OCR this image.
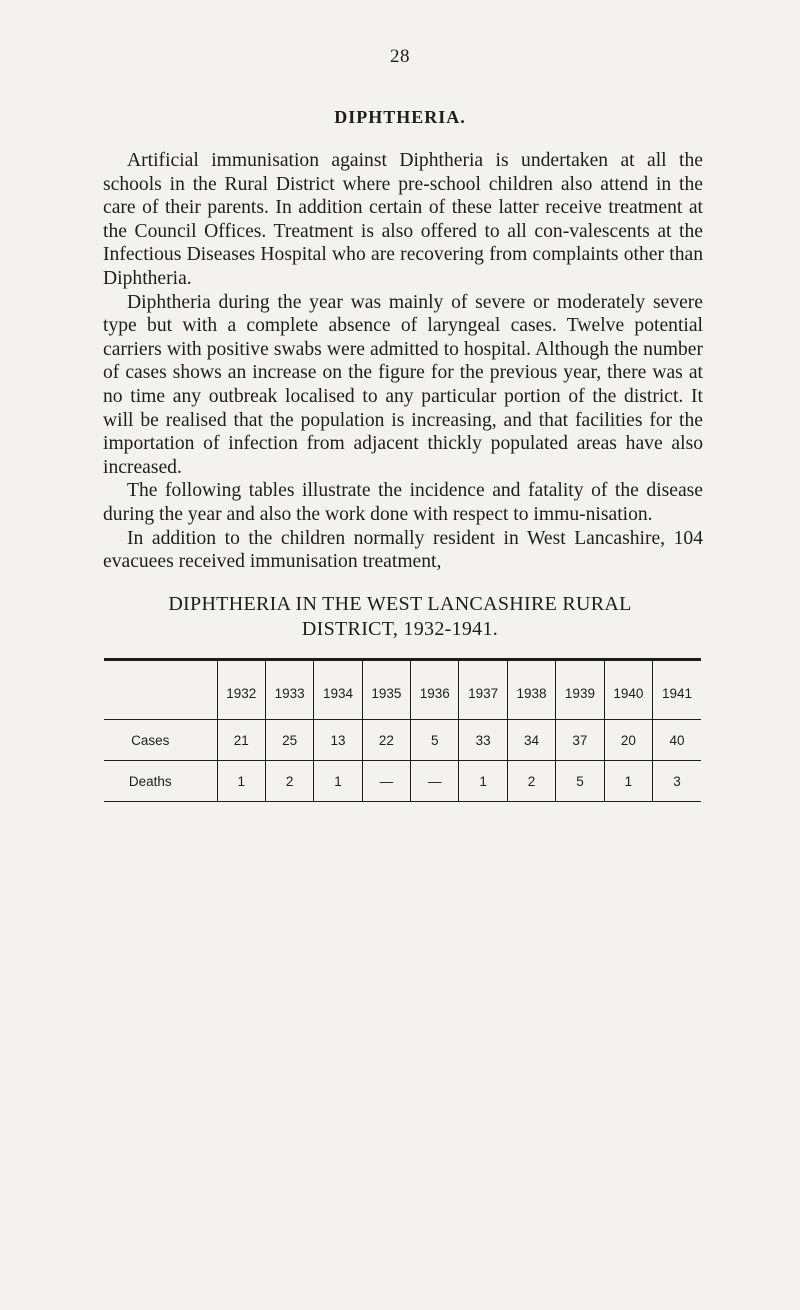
28
DIPHTHERIA.

Artificial immunisation against Diphtheria is undertaken at all the schools in the Rural District where pre-school children also attend in the care of their parents. In addition certain of these latter receive treatment at the Council Offices. Treatment is also offered to all con-valescents at the Infectious Diseases Hospital who are recovering from complaints other than Diphtheria.

Diphtheria during the year was mainly of severe or moderately severe type but with a complete absence of laryngeal cases. Twelve potential carriers with positive swabs were admitted to hospital. Although the number of cases shows an increase on the figure for the previous year, there was at no time any outbreak localised to any particular portion of the district. It will be realised that the population is increasing, and that facilities for the importation of infection from adjacent thickly populated areas have also increased.

The following tables illustrate the incidence and fatality of the disease during the year and also the work done with respect to immu-nisation.

In addition to the children normally resident in West Lancashire, 104 evacuees received immunisation treatment,

DIPHTHERIA IN THE WEST LANCASHIRE RURAL
DISTRICT, 1932-1941.
	1932	1933	1934	1935	1936	1937	1938	1939	1940	1941
Cases	21	25	13	22	5	33	34	37	20	40
Deaths	1	2	1	—	—	1	2	5	1	3
